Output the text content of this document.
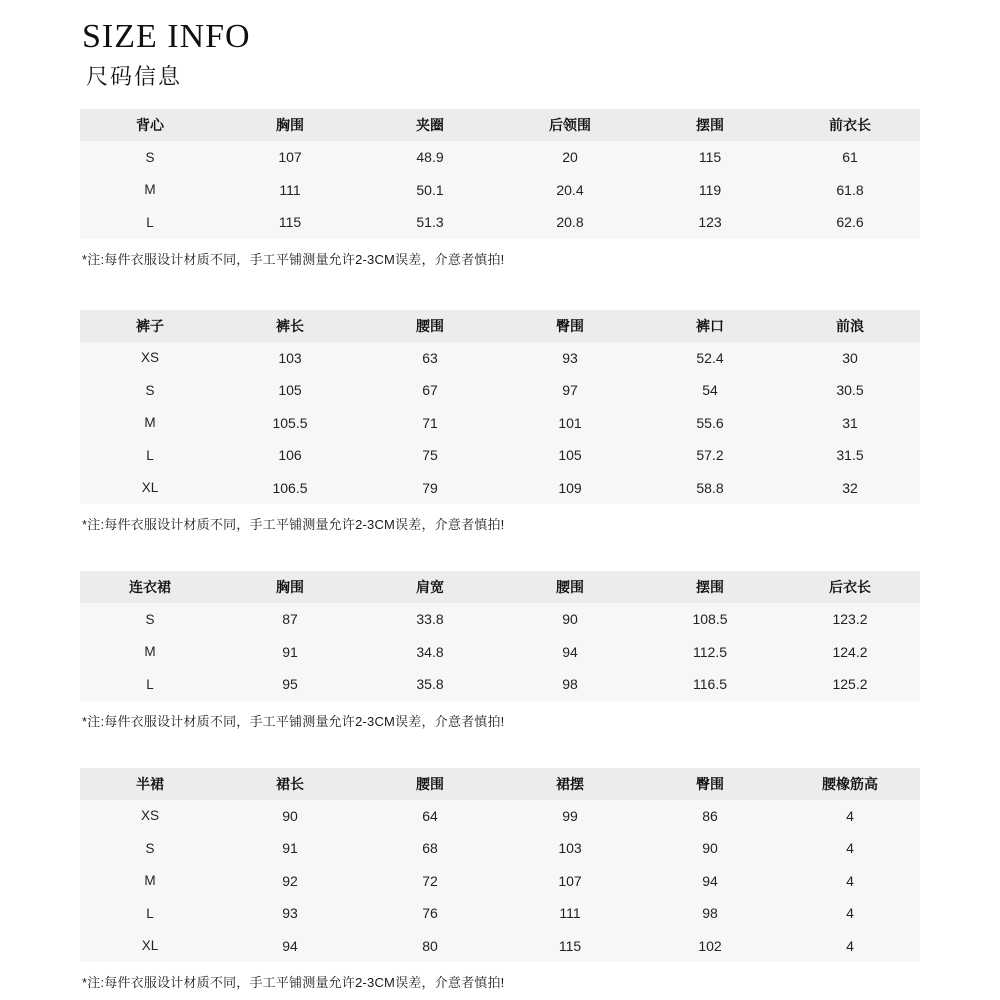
SIZE INFO
尺码信息
背心	胸围	夹圈	后领围	摆围	前衣长
S	107	48.9	20	115	61
M	111	50.1	20.4	119	61.8
L	115	51.3	20.8	123	62.6
*注:每件衣服设计材质不同，手工平铺测量允许2-3CM误差，介意者慎拍!
裤子	裤长	腰围	臀围	裤口	前浪
XS	103	63	93	52.4	30
S	105	67	97	54	30.5
M	105.5	71	101	55.6	31
L	106	75	105	57.2	31.5
XL	106.5	79	109	58.8	32
*注:每件衣服设计材质不同，手工平铺测量允许2-3CM误差，介意者慎拍!
连衣裙	胸围	肩宽	腰围	摆围	后衣长
S	87	33.8	90	108.5	123.2
M	91	34.8	94	112.5	124.2
L	95	35.8	98	116.5	125.2
*注:每件衣服设计材质不同，手工平铺测量允许2-3CM误差，介意者慎拍!
半裙	裙长	腰围	裙摆	臀围	腰橡筋高
XS	90	64	99	86	4
S	91	68	103	90	4
M	92	72	107	94	4
L	93	76	111	98	4
XL	94	80	115	102	4
*注:每件衣服设计材质不同，手工平铺测量允许2-3CM误差，介意者慎拍!
